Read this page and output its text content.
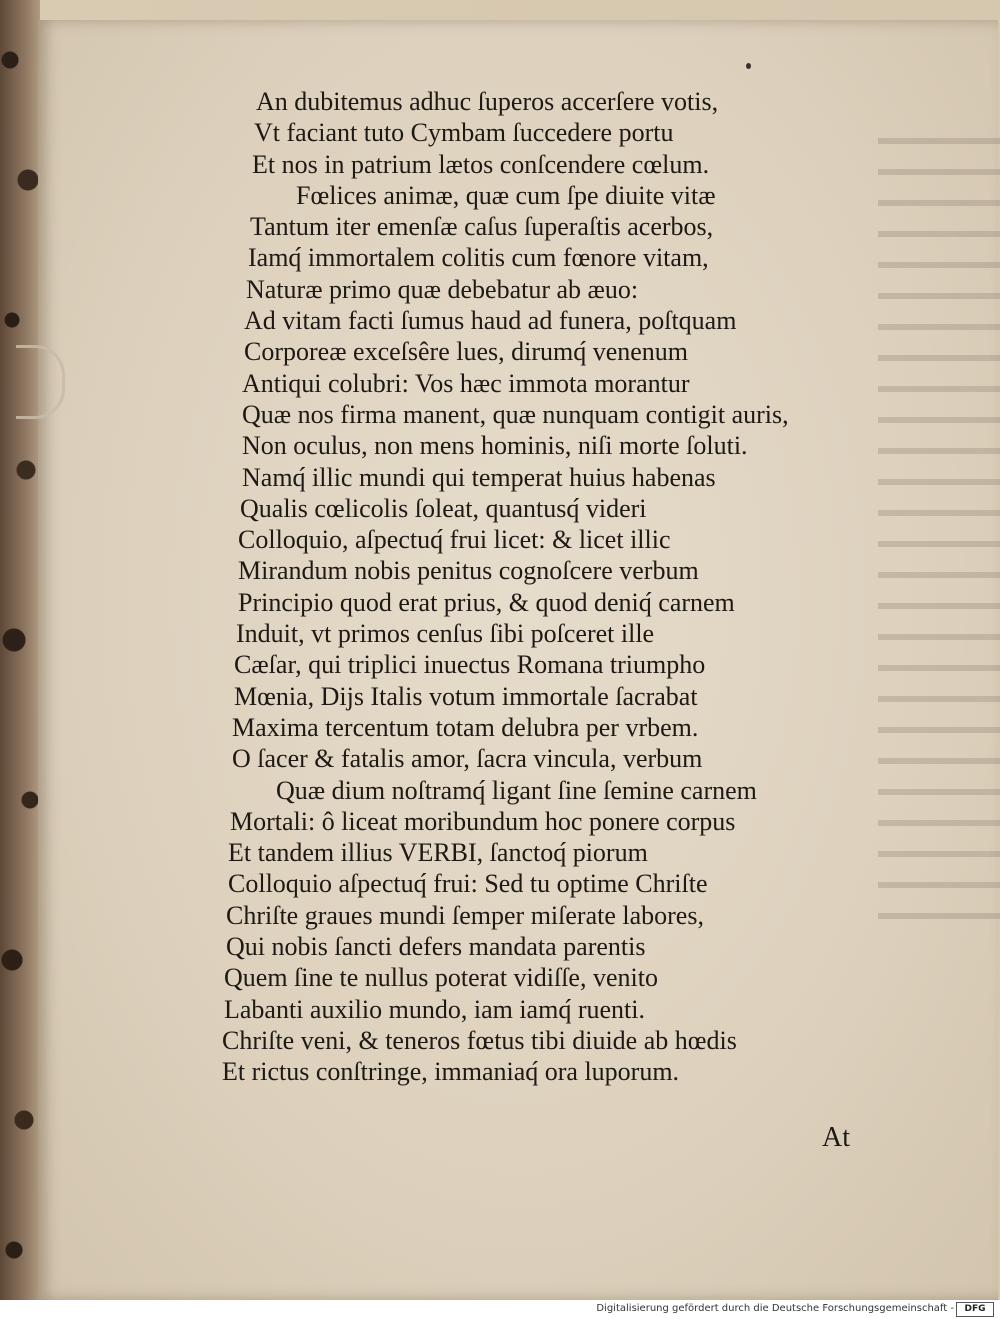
An dubitemus adhuc ſuperos accerſere votis,
Vt faciant tuto Cymbam ſuccedere portu
Et nos in patrium lætos conſcendere cœlum.
Fœlices animæ, quæ cum ſpe diuite vitæ
Tantum iter emenſæ caſus ſuperaſtis acerbos,
Iamq́ immortalem colitis cum fœnore vitam,
Naturæ primo quæ debebatur ab æuo:
Ad vitam facti ſumus haud ad funera, poſtquam
Corporeæ exceſsêre lues, dirumq́ venenum
Antiqui colubri: Vos hæc immota morantur
Quæ nos firma manent, quæ nunquam contigit auris,
Non oculus, non mens hominis, niſi morte ſoluti.
Namq́ illic mundi qui temperat huius habenas
Qualis cœlicolis ſoleat, quantusq́ videri
Colloquio, aſpectuq́ frui licet: & licet illic
Mirandum nobis penitus cognoſcere verbum
Principio quod erat prius, & quod deniq́ carnem
Induit, vt primos cenſus ſibi poſceret ille
Cæſar, qui triplici inuectus Romana triumpho
Mœnia, Dijs Italis votum immortale ſacrabat
Maxima tercentum totam delubra per vrbem.
O ſacer & fatalis amor, ſacra vincula, verbum
Quæ dium noſtramq́ ligant ſine ſemine carnem
Mortali: ô liceat moribundum hoc ponere corpus
Et tandem illius VERBI, ſanctoq́ piorum
Colloquio aſpectuq́ frui: Sed tu optime Chriſte
Chriſte graues mundi ſemper miſerate labores,
Qui nobis ſancti defers mandata parentis
Quem ſine te nullus poterat vidiſſe, venito
Labanti auxilio mundo, iam iamq́ ruenti.
Chriſte veni, & teneros fœtus tibi diuide ab hœdis
Et rictus conſtringe, immaniaq́ ora luporum.
At
Digitalisierung gefördert durch die Deutsche Forschungsgemeinschaft -	DFG
